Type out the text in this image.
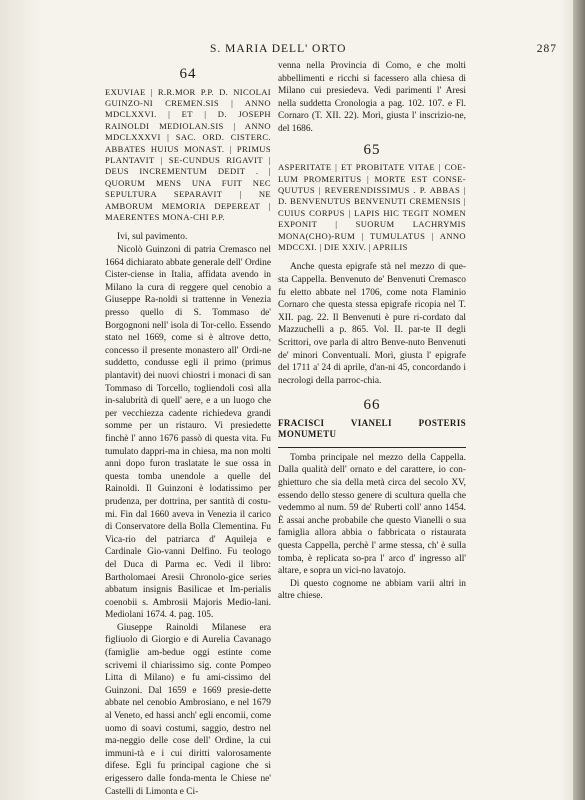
S. MARIA DELL' ORTO	287
64

EXUVIAE | R.R.MOR P.P. D. NICOLAI GUINZO-NI CREMEN.SIS | ANNO MDCLXXVI. | ET | D. JOSEPH RAINOLDI MEDIOLAN.SIS | ANNO MDCLXXXVI | SAC. ORD. CISTERC. ABBATES HUIUS MONAST. | PRIMUS PLANTAVIT | SE-CUNDUS RIGAVIT | DEUS INCREMENTUM DEDIT . | QUORUM MENS UNA FUIT NEC SEPULTURA SEPARAVIT | NE AMBORUM MEMORIA DEPEREAT | MAERENTES MONA-CHI P.P.

Ivi, sul pavimento.

Nicolò Guinzoni di patria Cremasco nel 1664 dichiarato abbate generale dell' Ordine Cister-ciense in Italia, affidata avendo in Milano la cura di reggere quel cenobio a Giuseppe Ra-noldi si trattenne in Venezia presso quello di S. Tommaso de' Borgognoni nell' isola di Tor-cello. Essendo stato nel 1669, come si è altrove detto, concesso il presente monastero all' Ordi-ne suddetto, condusse egli il primo (primus plantavit) dei nuovi chiostri i monaci di san Tommaso di Torcello, togliendoli così alla in-salubrità di quell' aere, e a un luogo che per vecchiezza cadente richiedeva grandi somme per un ristauro. Vi presiedette finchè l' anno 1676 passò di questa vita. Fu tumulato dappri-ma in chiesa, ma non molti anni dopo furon traslatate le sue ossa in questa tomba unendole a quelle del Rainoldi. Il Guinzoni è lodatissimo per prudenza, per dottrina, per santità di costu-mi. Fin dal 1660 aveva in Venezia il carico di Conservatore della Bolla Clementina. Fu Vica-rio del patriarca d' Aquileja e Cardinale Gio-vanni Delfino. Fu teologo del Duca di Parma ec. Vedi il libro: Bartholomaei Aresii Chronolo-gice series abbatum insignis Basilicae et Im-perialis coenobii s. Ambrosii Majoris Medio-lani. Mediolani 1674. 4. pag. 105.

Giuseppe Rainoldi Milanese era figliuolo di Giorgio e di Aurelia Cavanago (famiglie am-bedue oggi estinte come scrivemi il chiarissimo sig. conte Pompeo Litta di Milano) e fu ami-cissimo del Guinzoni. Dal 1659 e 1669 presie-dette abbate nel cenobio Ambrosiano, e nel 1679 al Veneto, ed hassi anch' egli encomii, come uomo di soavi costumi, saggio, destro nel ma-neggio delle cose dell' Ordine, la cui immuni-tà e i cui diritti valorosamente difese. Egli fu principal cagione che si erigessero dalle fonda-menta le Chiese ne' Castelli di Limonta e Ci-

venna nella Provincia di Como, e che molti abbellimenti e ricchi si facessero alla chiesa di Milano cui presiedeva. Vedi parimenti l' Aresi nella suddetta Cronologia a pag. 102. 107. e Fl. Cornaro (T. XII. 22). Morì, giusta l' inscrizio-ne, del 1686.

65

ASPERITATE | ET PROBITATE VITAE | COE-LUM PROMERITUS | MORTE EST CONSE-QUUTUS | REVERENDISSIMUS . P. ABBAS | D. BENVENUTUS BENVENUTI CREMENSIS | CUIUS CORPUS | LAPIS HIC TEGIT NOMEN EXPONIT | SUORUM LACHRYMIS MONA(CHO)-RUM | TUMULATUS | ANNO MDCCXI. | DIE XXIV. | APRILIS

Anche questa epigrafe stà nel mezzo di que-sta Cappella. Benvenuto de' Benvenuti Cremasco fu eletto abbate nel 1706, come nota Flaminio Cornaro che questa stessa epigrafe ricopia nel T. XII. pag. 22. Il Benvenuti è pure ri-cordato dal Mazzuchelli a p. 865. Vol. II. par-te II degli Scrittori, ove parla di altro Benve-nuto Benvenuti de' minori Conventuali. Morì, giusta l' epigrafe del 1711 a' 24 di aprile, d'an-ni 45, concordando i necrologi della parroc-chia.

66

FRACISCI VIANELI POSTERIS MONUMETU

Tomba principale nel mezzo della Cappella. Dalla qualità dell' ornato e del carattere, io con-ghietturo che sia della metà circa del secolo XV, essendo dello stesso genere di scultura quella che vedemmo al num. 59 de' Ruberti coll' anno 1454. È assai anche probabile che questo Vianelli o sua famiglia allora abbia o fabbricata o ristaurata questa Cappella, perchè l' arme stessa, ch' è sulla tomba, è replicata so-pra l' arco d' ingresso all' altare, e sopra un vici-no lavatojo.

Di questo cognome ne abbiam varii altri in altre chiese.
